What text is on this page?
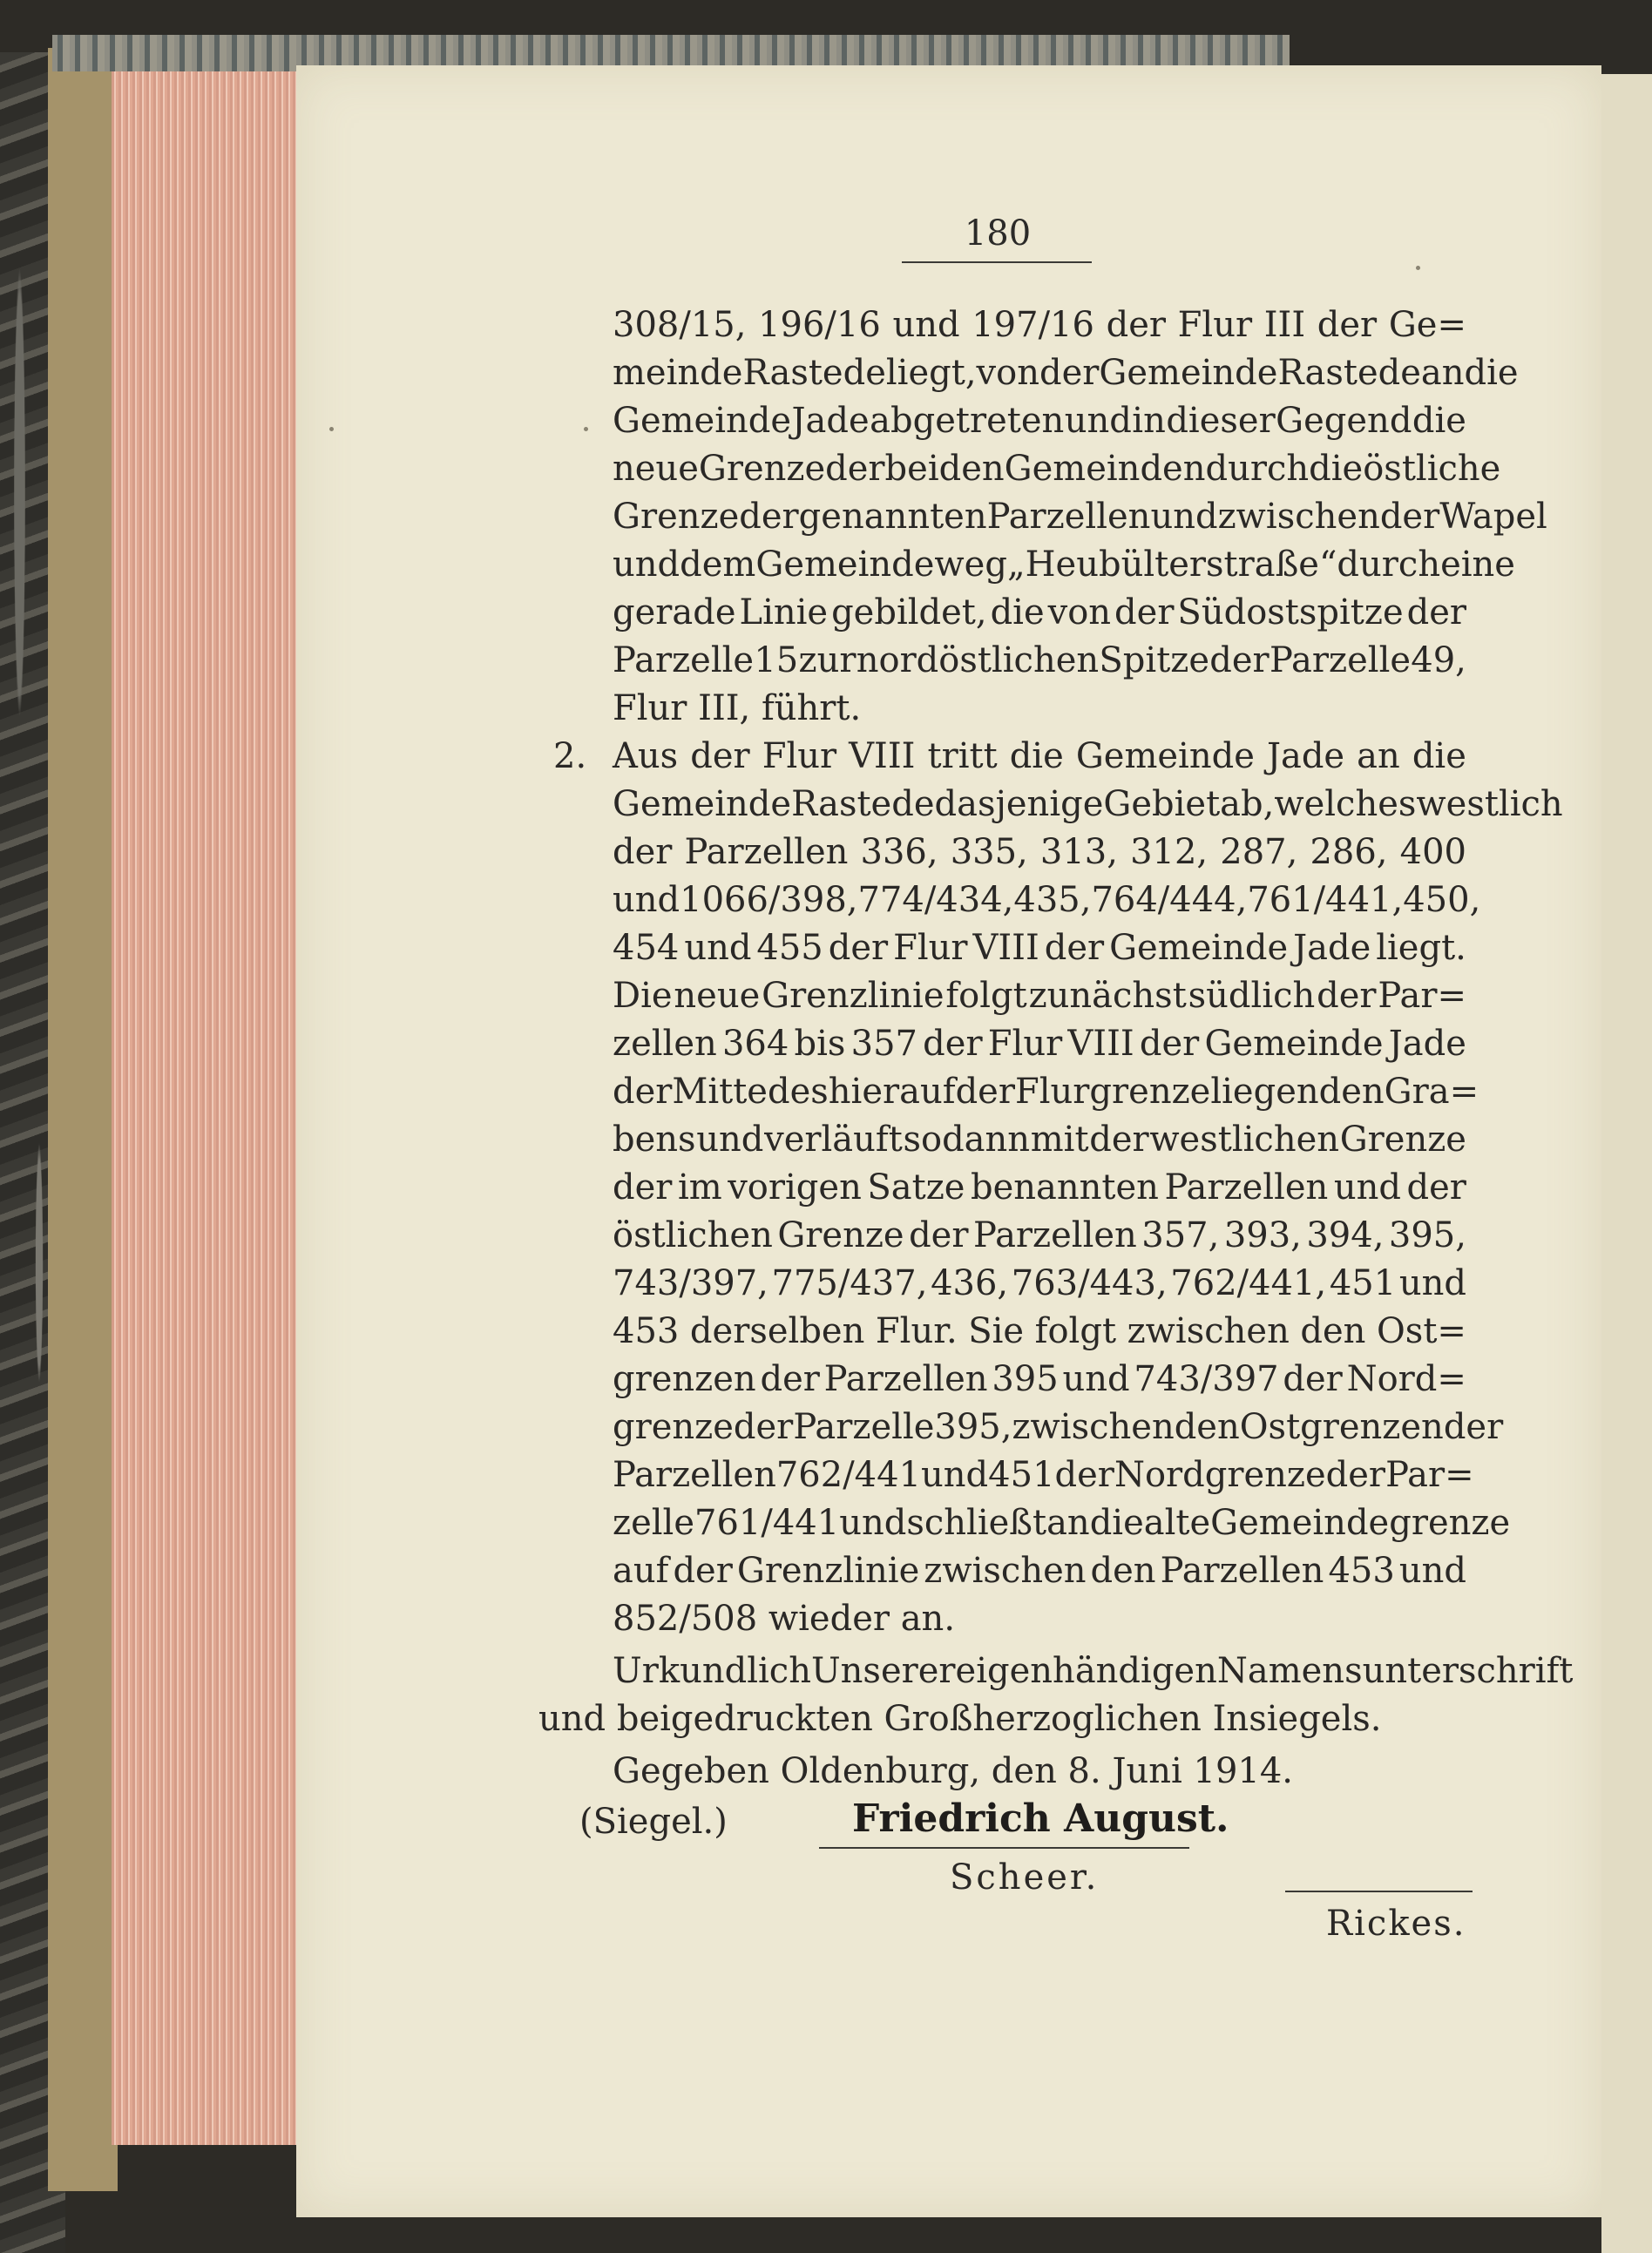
180
308/15, 196/16 und 197/16 der Flur III der Ge=
meinde Rastede liegt, von der Gemeinde Rastede an die
Gemeinde Jade abgetreten und in dieser Gegend die
neue Grenze der beiden Gemeinden durch die östliche
Grenze der genannten Parzellen und zwischen der Wapel
und dem Gemeindeweg „Heubülterstraße“ durch eine
gerade Linie gebildet, die von der Südostspitze der
Parzelle 15 zur nordöstlichen Spitze der Parzelle 49,
Flur III, führt.
2. Aus der Flur VIII tritt die Gemeinde Jade an die
Gemeinde Rastede dasjenige Gebiet ab, welches westlich
der Parzellen 336, 335, 313, 312, 287, 286, 400
und 1066/398, 774/434, 435, 764/444, 761/441, 450,
454 und 455 der Flur VIII der Gemeinde Jade liegt.
Die neue Grenzlinie folgt zunächst südlich der Par=
zellen 364 bis 357 der Flur VIII der Gemeinde Jade
der Mitte des hier auf der Flurgrenze liegenden Gra=
bens und verläuft sodann mit der westlichen Grenze
der im vorigen Satze benannten Parzellen und der
östlichen Grenze der Parzellen 357, 393, 394, 395,
743/397, 775/437, 436, 763/443, 762/441, 451 und
453 derselben Flur. Sie folgt zwischen den Ost=
grenzen der Parzellen 395 und 743/397 der Nord=
grenze der Parzelle 395, zwischen den Ostgrenzen der
Parzellen 762/441 und 451 der Nordgrenze der Par=
zelle 761/441 und schließt an die alte Gemeindegrenze
auf der Grenzlinie zwischen den Parzellen 453 und
852/508 wieder an.
Urkundlich Unserer eigenhändigen Namensunterschrift
und beigedruckten Großherzoglichen Insiegels.
Gegeben Oldenburg, den 8. Juni 1914.
(Siegel.)	Friedrich August.
Scheer.
Rickes.
